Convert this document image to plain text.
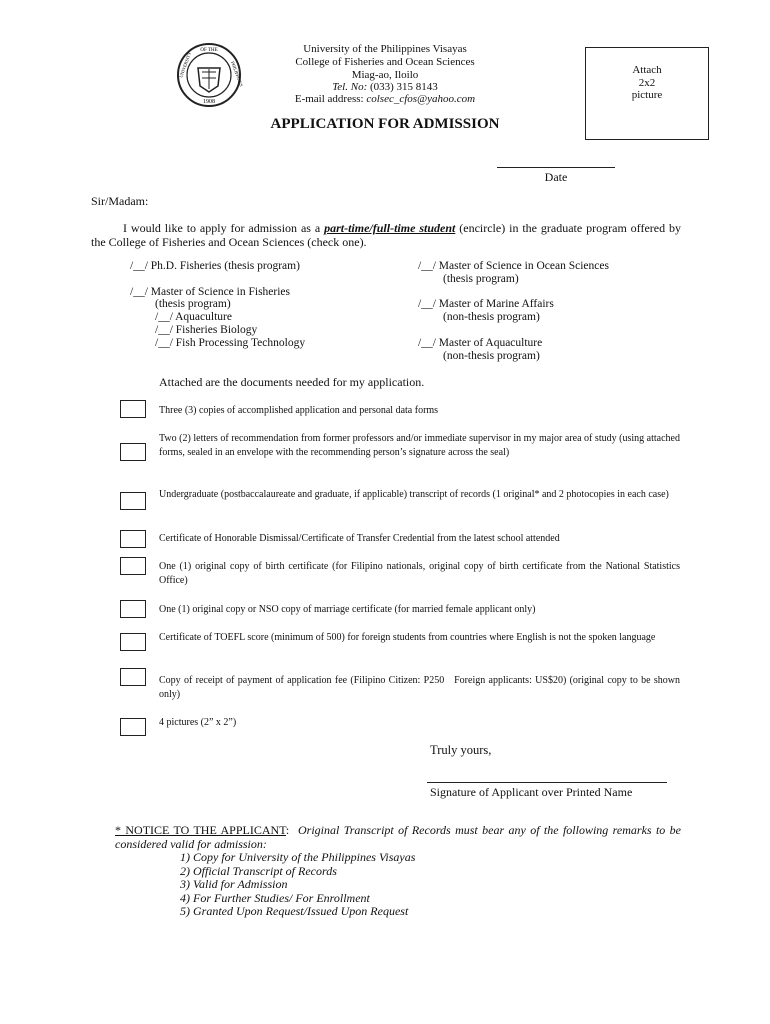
OF THE
UNIVERSITY	PHILIPPINES
1908
University of the Philippines Visayas
College of Fisheries and Ocean Sciences
Miag-ao, Iloilo
Tel. No: (033) 315 8143
E-mail address: colsec_cfos@yahoo.com
Attach
2x2
picture
APPLICATION FOR ADMISSION
Date
Sir/Madam:
I would like to apply for admission as a part-time/full-time student (encircle) in the graduate program offered by the College of Fisheries and Ocean Sciences (check one).
/__/ Ph.D. Fisheries (thesis program)
/__/ Master of Science in Fisheries
(thesis program)
/__/ Aquaculture
/__/ Fisheries Biology
/__/ Fish Processing Technology
/__/ Master of Science in Ocean Sciences
(thesis program)
/__/ Master of Marine Affairs
(non-thesis program)
/__/ Master of Aquaculture
(non-thesis program)
Attached are the documents needed for my application.
Three (3) copies of accomplished application and personal data forms
Two (2) letters of recommendation from former professors and/or immediate supervisor in my major area of study (using attached forms, sealed in an envelope with the recommending person’s signature across the seal)
Undergraduate (postbaccalaureate and graduate, if applicable) transcript of records (1 original* and 2 photocopies in each case)
Certificate of Honorable Dismissal/Certificate of Transfer Credential from the latest school attended
One (1) original copy of birth certificate (for Filipino nationals, original copy of birth certificate from the National Statistics Office)
One (1) original copy or NSO copy of marriage certificate (for married female applicant only)
Certificate of TOEFL score (minimum of 500) for foreign students from countries where English is not the spoken language
Copy of receipt of payment of application fee (Filipino Citizen: P250   Foreign applicants: US$20) (original copy to be shown only)
4 pictures (2” x 2”)
Truly yours,
Signature of Applicant over Printed Name
* NOTICE TO THE APPLICANT:  Original Transcript of Records must bear any of the following remarks to be considered valid for admission:
1) Copy for University of the Philippines Visayas
2) Official Transcript of Records
3) Valid for Admission
4) For Further Studies/ For Enrollment
5) Granted Upon Request/Issued Upon Request
